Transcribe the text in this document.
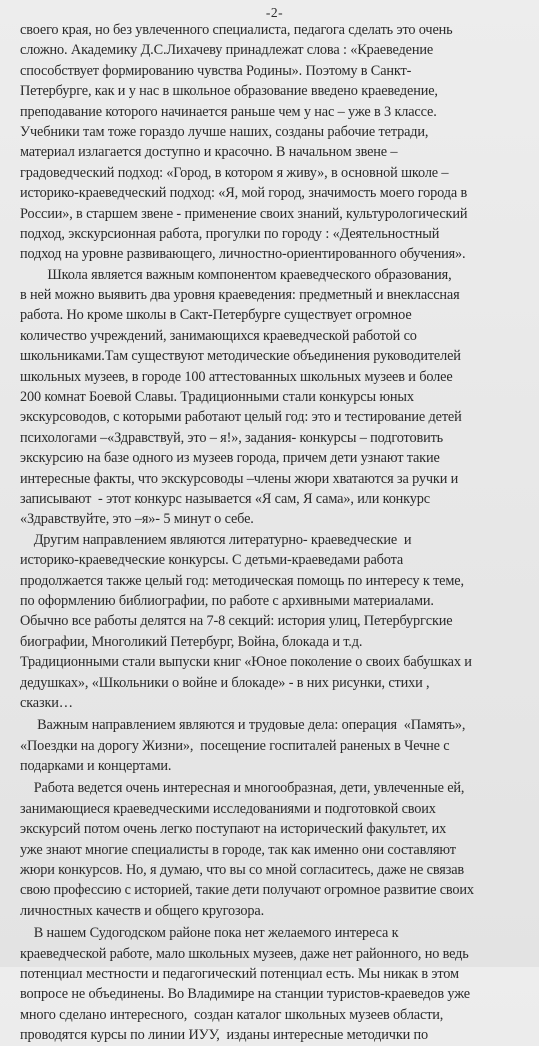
-2-
своего края, но без увлеченного специалиста, педагога сделать это очень
сложно. Академику Д.С.Лихачеву принадлежат слова : «Краеведение
способствует формированию чувства Родины». Поэтому в Санкт-
Петербурге, как и у нас в школьное образование введено краеведение,
преподавание которого начинается раньше чем у нас – уже в 3 классе.
Учебники там тоже гораздо лучше наших, созданы рабочие тетради,
материал излагается доступно и красочно. В начальном звене –
градоведческий подход: «Город, в котором я живу», в основной школе –
историко-краеведческий подход: «Я, мой город, значимость моего города в
России», в старшем звене - применение своих знаний, культурологический
подход, экскурсионная работа, прогулки по городу : «Деятельностный
подход на уровне развивающего, личностно-ориентированного обучения».
Школа является важным компонентом краеведческого образования,
в ней можно выявить два уровня краеведения: предметный и внеклассная
работа. Но кроме школы в Сакт-Петербурге существует огромное
количество учреждений, занимающихся краеведческой работой со
школьниками.Там существуют методические объединения руководителей
школьных музеев, в городе 100 аттестованных школьных музеев и более
200 комнат Боевой Славы. Традиционными стали конкурсы юных
экскурсоводов, с которыми работают целый год: это и тестирование детей
психологами –«Здравствуй, это – я!», задания- конкурсы – подготовить
экскурсию на базе одного из музеев города, причем дети узнают такие
интересные факты, что экскурсоводы –члены жюри хватаются за ручки и
записывают  - этот конкурс называется «Я сам, Я сама», или конкурс
«Здравствуйте, это –я»- 5 минут о себе.
Другим направлением являются литературно- краеведческие  и
историко-краеведческие конкурсы. С детьми-краеведами работа
продолжается также целый год: методическая помощь по интересу к теме,
по оформлению библиографии, по работе с архивными материалами.
Обычно все работы делятся на 7-8 секций: история улиц, Петербургские
биографии, Многоликий Петербург, Война, блокада и т.д.
Традиционными стали выпуски книг «Юное поколение о своих бабушках и
дедушках», «Школьники о войне и блокаде» - в них рисунки, стихи ,
сказки…
Важным направлением являются и трудовые дела: операция  «Память»,
«Поездки на дорогу Жизни»,  посещение госпиталей раненых в Чечне с
подарками и концертами.
Работа ведется очень интересная и многообразная, дети, увлеченные ей,
занимающиеся краеведческими исследованиями и подготовкой своих
экскурсий потом очень легко поступают на исторический факультет, их
уже знают многие специалисты в городе, так как именно они составляют
жюри конкурсов. Но, я думаю, что вы со мной согласитесь, даже не связав
свою профессию с историей, такие дети получают огромное развитие своих
личностных качеств и общего кругозора.
В нашем Судогодском районе пока нет желаемого интереса к
краеведческой работе, мало школьных музеев, даже нет районного, но ведь
потенциал местности и педагогический потенциал есть. Мы никак в этом
вопросе не объединены. Во Владимире на станции туристов-краеведов уже
много сделано интересного,  создан каталог школьных музеев области,
проводятся курсы по линии ИУУ,  изданы интересные методички по
